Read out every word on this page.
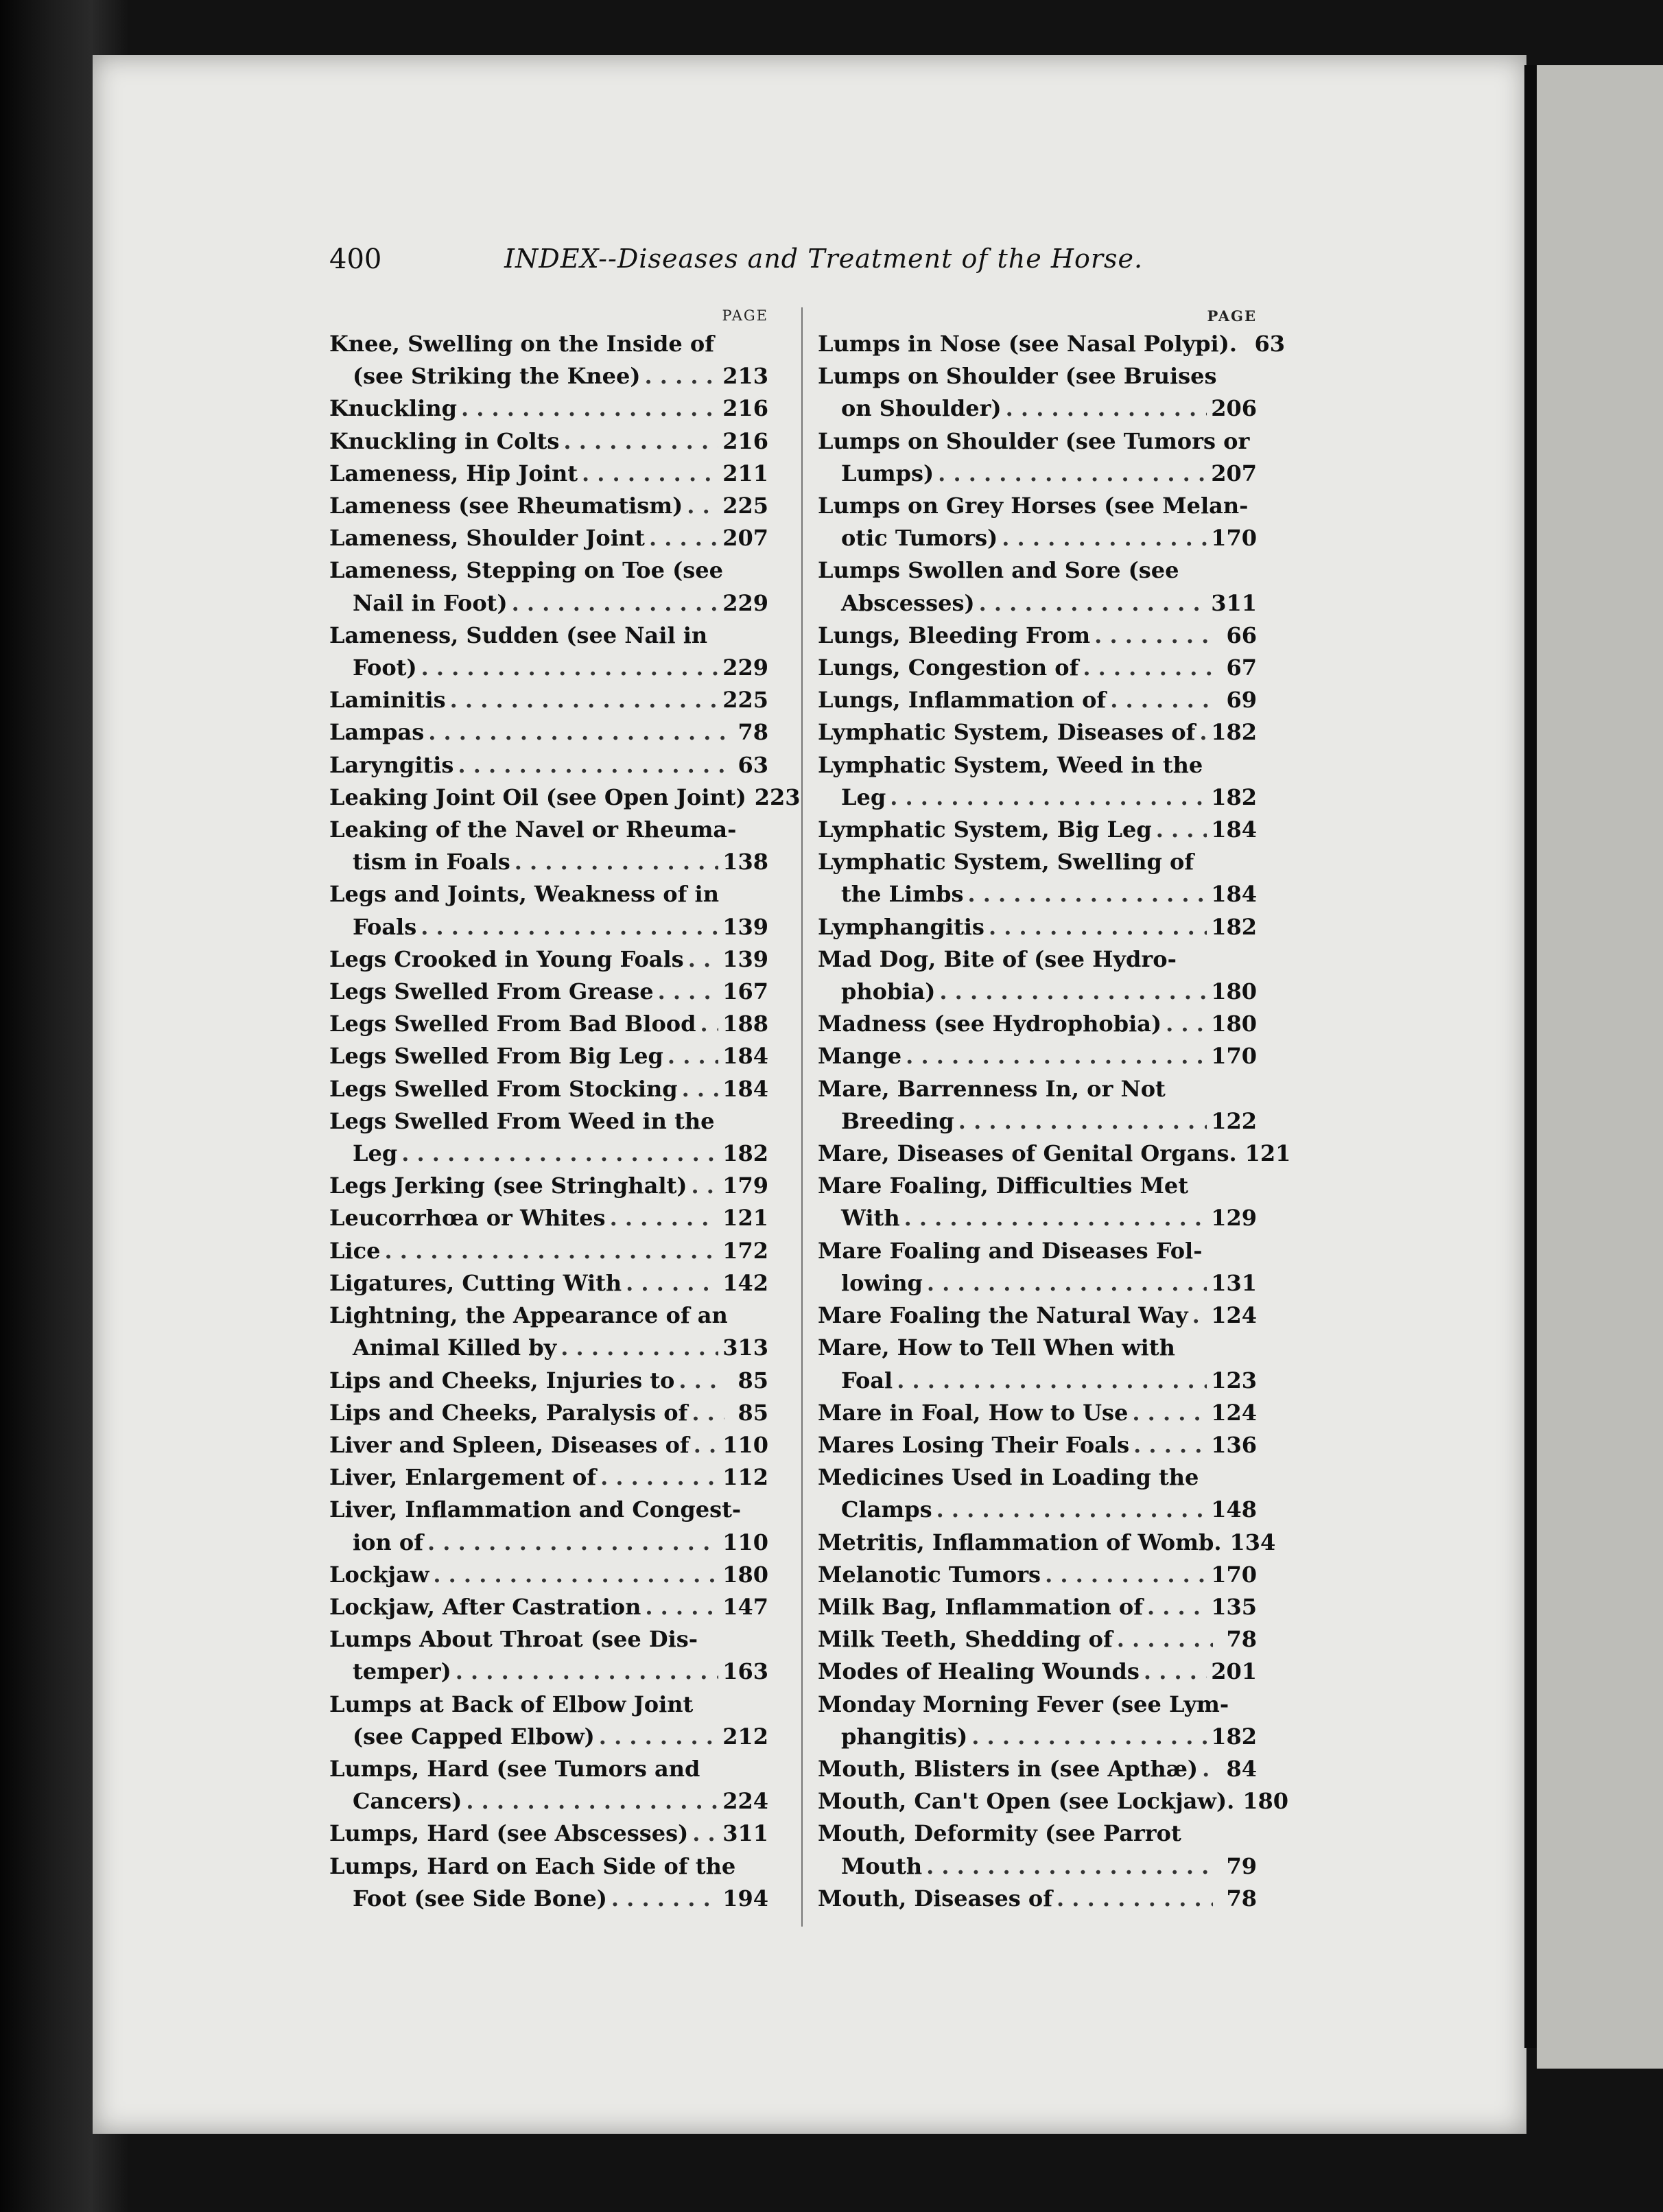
400	INDEX--Diseases and Treatment of the Horse.
PAGE
Knee, Swelling on the Inside of
(see Striking the Knee) . . .	213
Knuckling . . .	216
Knuckling in Colts . . .	216
Lameness, Hip Joint . . .	211
Lameness (see Rheumatism) . . . 225
Lameness, Shoulder Joint . . .	207
Lameness, Stepping on Toe (see
Nail in Foot) . . .	229
Lameness, Sudden (see Nail in
Foot) . . .	229
Laminitis . . .	225
Lampas . . .	78
Laryngitis . . .	63
Leaking Joint Oil (see Open Joint) 223
Leaking of the Navel or Rheuma-
tism in Foals . . .	138
Legs and Joints, Weakness of in
Foals . . .	139
Legs Crooked in Young Foals . . . 139
Legs Swelled From Grease . . .	167
Legs Swelled From Bad Blood . . . 188
Legs Swelled From Big Leg . . .	184
Legs Swelled From Stocking . . . 184
Legs Swelled From Weed in the
Leg . . .	182
Legs Jerking (see Stringhalt) . . . 179
Leucorrhœa or Whites . . .	121
Lice . . .	172
Ligatures, Cutting With . . .	142
Lightning, the Appearance of an
Animal Killed by . . .	313
Lips and Cheeks, Injuries to . . .	85
Lips and Cheeks, Paralysis of . . .	85
Liver and Spleen, Diseases of . . . 110
Liver, Enlargement of . . .	112
Liver, Inflammation and Congest-
ion of . . .	110
Lockjaw . . .	180
Lockjaw, After Castration . . .	147
Lumps About Throat (see Dis-
temper) . . .	163
Lumps at Back of Elbow Joint
(see Capped Elbow) . . .	212
Lumps, Hard (see Tumors and
Cancers) . . .	224
Lumps, Hard (see Abscesses) . . . 311
Lumps, Hard on Each Side of the
Foot (see Side Bone) . . .	194
PAGE
Lumps in Nose (see Nasal Polypi). 63
Lumps on Shoulder (see Bruises
on Shoulder) . . .	206
Lumps on Shoulder (see Tumors or
Lumps) . . .	207
Lumps on Grey Horses (see Melan-
otic Tumors) . . .	170
Lumps Swollen and Sore (see
Abscesses) . . .	311
Lungs, Bleeding From . . .	66
Lungs, Congestion of . . .	67
Lungs, Inflammation of . . .	69
Lymphatic System, Diseases of . . . 182
Lymphatic System, Weed in the
Leg . . .	182
Lymphatic System, Big Leg . . .	184
Lymphatic System, Swelling of
the Limbs . . .	184
Lymphangitis . . .	182
Mad Dog, Bite of (see Hydro-
phobia) . . .	180
Madness (see Hydrophobia) . . . 180
Mange . . .	170
Mare, Barrenness In, or Not
Breeding . . .	122
Mare, Diseases of Genital Organs. 121
Mare Foaling, Difficulties Met
With . . .	129
Mare Foaling and Diseases Fol-
lowing . . .	131
Mare Foaling the Natural Way . . . 124
Mare, How to Tell When with
Foal . . .	123
Mare in Foal, How to Use . . .	124
Mares Losing Their Foals . . .	136
Medicines Used in Loading the
Clamps . . .	148
Metritis, Inflammation of Womb. 134
Melanotic Tumors . . .	170
Milk Bag, Inflammation of . . .	135
Milk Teeth, Shedding of . . .	78
Modes of Healing Wounds . . .	201
Monday Morning Fever (see Lym-
phangitis) . . .	182
Mouth, Blisters in (see Apthæ) . . .	84
Mouth, Can't Open (see Lockjaw). 180
Mouth, Deformity (see Parrot
Mouth . . .	79
Mouth, Diseases of . . .	78
